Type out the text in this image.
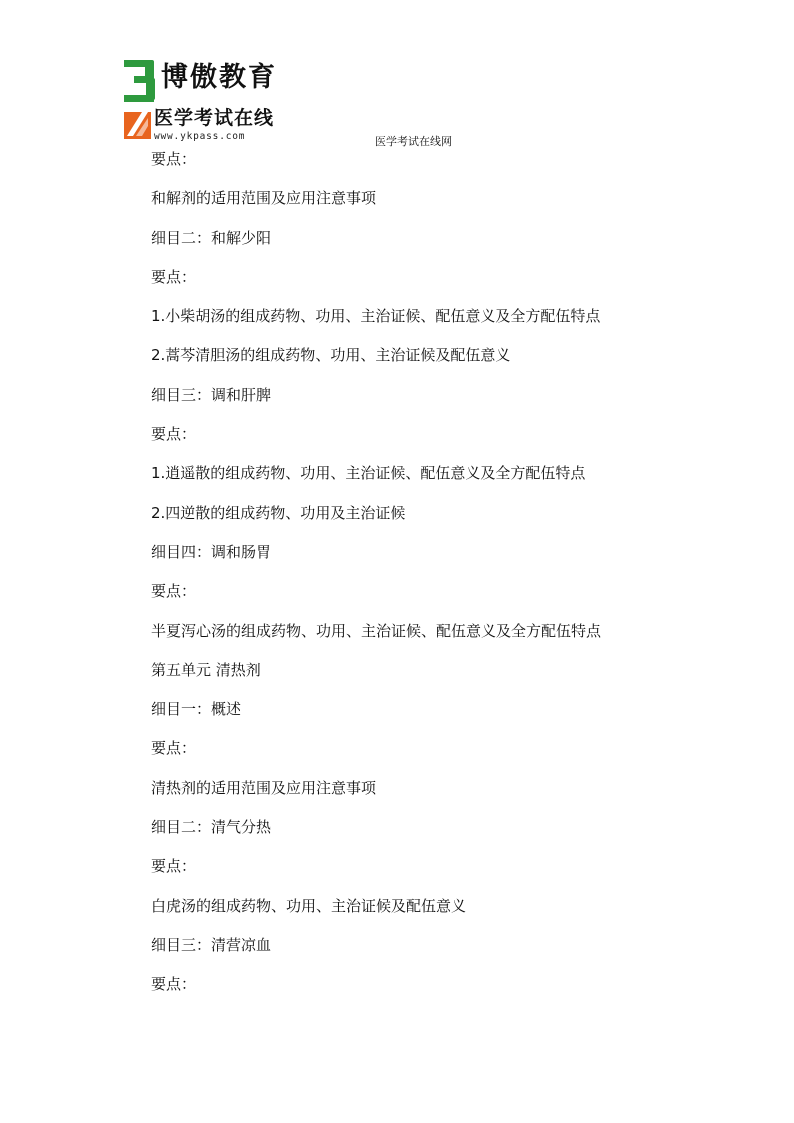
博傲教育
医学考试在线
www.ykpass.com	医学考试在线网
要点：
和解剂的适用范围及应用注意事项
细目二：和解少阳
要点：
1.小柴胡汤的组成药物、功用、主治证候、配伍意义及全方配伍特点
2.蒿芩清胆汤的组成药物、功用、主治证候及配伍意义
细目三：调和肝脾
要点：
1.逍遥散的组成药物、功用、主治证候、配伍意义及全方配伍特点
2.四逆散的组成药物、功用及主治证候
细目四：调和肠胃
要点：
半夏泻心汤的组成药物、功用、主治证候、配伍意义及全方配伍特点
第五单元 清热剂
细目一：概述
要点：
清热剂的适用范围及应用注意事项
细目二：清气分热
要点：
白虎汤的组成药物、功用、主治证候及配伍意义
细目三：清营凉血
要点：
